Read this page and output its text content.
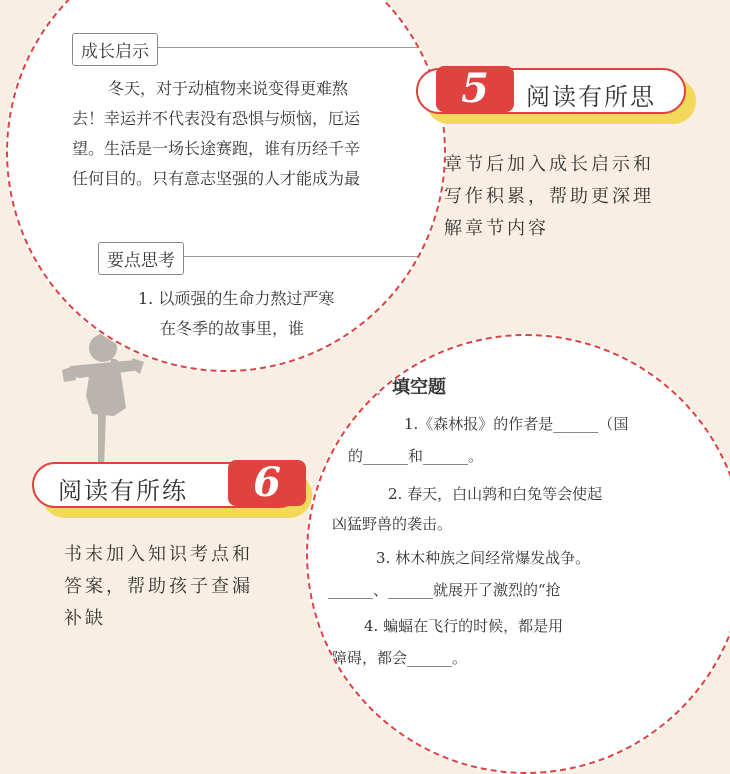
成长启示
冬天，对于动植物来说变得更难熬
去！幸运并不代表没有恐惧与烦恼，厄运
望。生活是一场长途赛跑，谁有历经千辛
任何目的。只有意志坚强的人才能成为最
要点思考
1. 以顽强的生命力熬过严寒
在冬季的故事里，谁
一、填空题
1.《森林报》的作者是______（国
的______和______。
2. 春天，白山鹑和白兔等会使起
凶猛野兽的袭击。
3. 林木种族之间经常爆发战争。
______、______就展开了激烈的“抢
4. 蝙蝠在飞行的时候，都是用
障碍，都会______。
5	阅读有所思
章节后加入成长启示和
写作积累，帮助更深理
解章节内容
阅读有所练	6
书末加入知识考点和
答案，帮助孩子查漏
补缺
